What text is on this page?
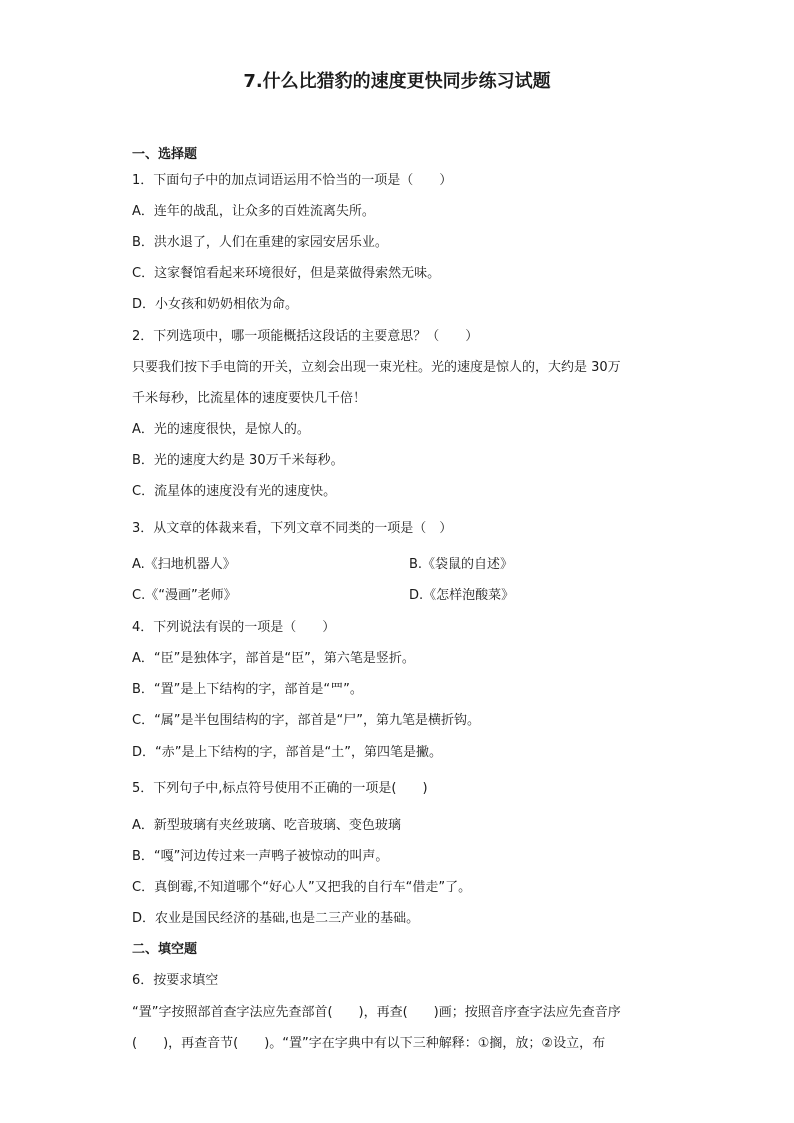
7.什么比猎豹的速度更快同步练习试题
一、选择题
1．下面句子中的加点词语运用不恰当的一项是（　　）
A．连年的战乱，让众多的百姓流离失所。
B．洪水退了，人们在重建的家园安居乐业。
C．这家餐馆看起来环境很好，但是菜做得索然无味。
D．小女孩和奶奶相依为命。
2．下列选项中，哪一项能概括这段话的主要意思？（　　）
只要我们按下手电筒的开关，立刻会出现一束光柱。光的速度是惊人的，大约是 30万
千米每秒，比流星体的速度要快几千倍！
A．光的速度很快，是惊人的。
B．光的速度大约是 30万千米每秒。
C．流星体的速度没有光的速度快。
3．从文章的体裁来看，下列文章不同类的一项是（　）
A.《扫地机器人》	B.《袋鼠的自述》
C.《“漫画”老师》	D.《怎样泡酸菜》
4．下列说法有误的一项是（　　）
A．“臣”是独体字，部首是“臣”，第六笔是竖折。
B．“置”是上下结构的字，部首是“罒”。
C．“属”是半包围结构的字，部首是“尸”，第九笔是横折钩。
D．“赤”是上下结构的字，部首是“土”，第四笔是撇。
5．下列句子中,标点符号使用不正确的一项是(　　)
A．新型玻璃有夹丝玻璃、吃音玻璃、变色玻璃
B．“嘎”河边传过来一声鸭子被惊动的叫声。
C．真倒霉,不知道哪个“好心人”又把我的自行车“借走”了。
D．农业是国民经济的基础,也是二三产业的基础。
二、填空题
6．按要求填空
“置”字按照部首查字法应先查部首(　　)，再查(　　)画；按照音序查字法应先查音序
(　　)，再查音节(　　)。“置”字在字典中有以下三种解释：①搁，放；②设立，布
